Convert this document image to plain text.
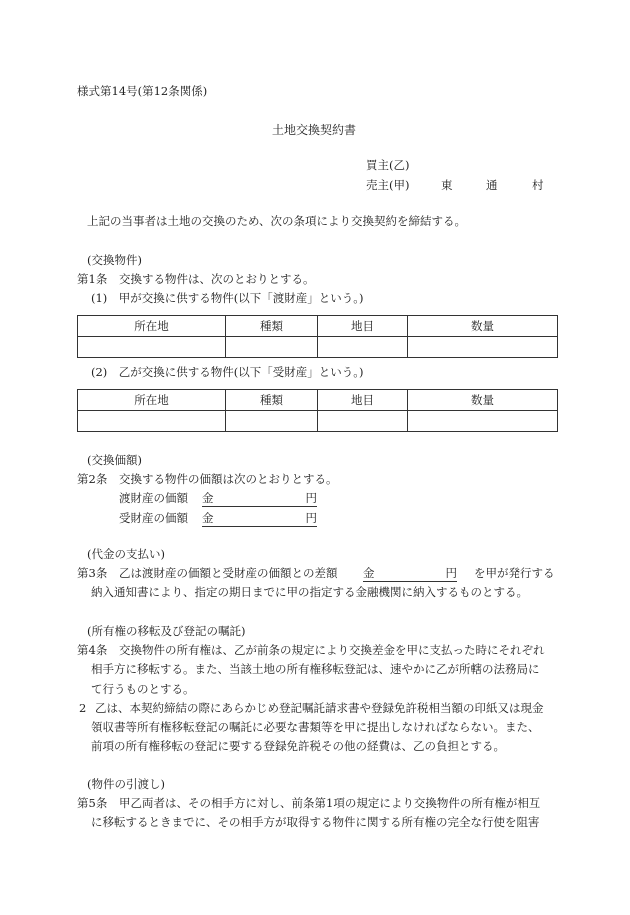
様式第14号(第12条関係)
土地交換契約書
買主(乙)
売主(甲)	東	通	村
上記の当事者は土地の交換のため、次の条項により交換契約を締結する。
(交換物件)
第1条 交換する物件は、次のとおりとする。
(1)　甲が交換に供する物件(以下「渡財産」という。)
所在地	種類	地目	数量

(2)　乙が交換に供する物件(以下「受財産」という。)
所在地	種類	地目	数量

(交換価額)
第2条 交換する物件の価額は次のとおりとする。
渡財産の価額 金	円
受財産の価額 金	円
(代金の支払い)
第3条 乙は渡財産の価額と受財産の価額との差額 金	円 を甲が発行する
納入通知書により、指定の期日までに甲の指定する金融機関に納入するものとする。
(所有権の移転及び登記の嘱託)
第4条 交換物件の所有権は、乙が前条の規定により交換差金を甲に支払った時にそれぞれ
相手方に移転する。また、当該土地の所有権移転登記は、速やかに乙が所轄の法務局に
て行うものとする。
2 乙は、本契約締結の際にあらかじめ登記嘱託請求書や登録免許税相当額の印紙又は現金
領収書等所有権移転登記の嘱託に必要な書類等を甲に提出しなければならない。また、
前項の所有権移転の登記に要する登録免許税その他の経費は、乙の負担とする。
(物件の引渡し)
第5条 甲乙両者は、その相手方に対し、前条第1項の規定により交換物件の所有権が相互
に移転するときまでに、その相手方が取得する物件に関する所有権の完全な行使を阻害
